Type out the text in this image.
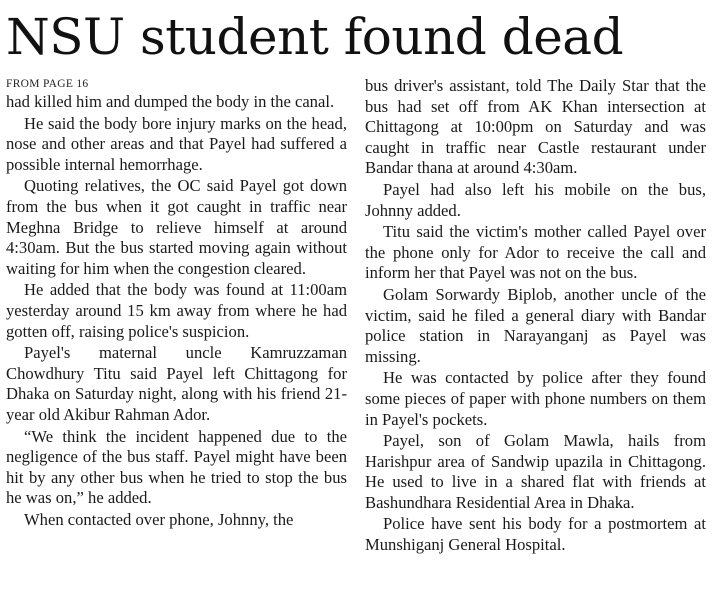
NSU student found dead
FROM PAGE 16

had killed him and dumped the body in the canal.

He said the body bore injury marks on the head, nose and other areas and that Payel had suffered a possible internal hemorrhage.

Quoting relatives, the OC said Payel got down from the bus when it got caught in traffic near Meghna Bridge to relieve himself at around 4:30am. But the bus started moving again without waiting for him when the congestion cleared.

He added that the body was found at 11:00am yesterday around 15 km away from where he had gotten off, raising police's suspicion.

Payel's maternal uncle Kamruzzaman Chowdhury Titu said Payel left Chittagong for Dhaka on Saturday night, along with his friend 21-year old Akibur Rahman Ador.

“We think the incident happened due to the negligence of the bus staff. Payel might have been hit by any other bus when he tried to stop the bus he was on,” he added.

When contacted over phone, Johnny, the

bus driver's assistant, told The Daily Star that the bus had set off from AK Khan intersection at Chittagong at 10:00pm on Saturday and was caught in traffic near Castle restaurant under Bandar thana at around 4:30am.

Payel had also left his mobile on the bus, Johnny added.

Titu said the victim's mother called Payel over the phone only for Ador to receive the call and inform her that Payel was not on the bus.

Golam Sorwardy Biplob, another uncle of the victim, said he filed a general diary with Bandar police station in Narayanganj as Payel was missing.

He was contacted by police after they found some pieces of paper with phone numbers on them in Payel's pockets.

Payel, son of Golam Mawla, hails from Harishpur area of Sandwip upazila in Chittagong. He used to live in a shared flat with friends at Bashundhara Residential Area in Dhaka.

Police have sent his body for a postmortem at Munshiganj General Hospital.
